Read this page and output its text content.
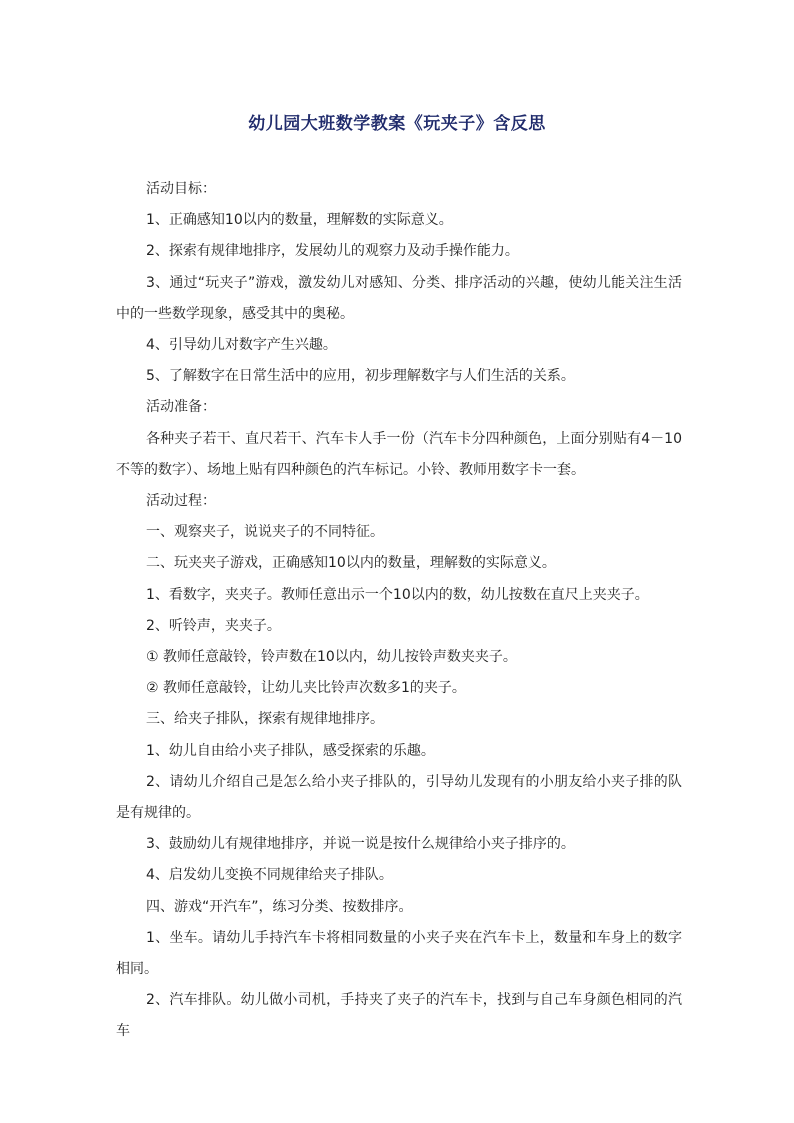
幼儿园大班数学教案《玩夹子》含反思

活动目标：

1、正确感知10以内的数量，理解数的实际意义。

2、探索有规律地排序，发展幼儿的观察力及动手操作能力。

3、通过“玩夹子”游戏，激发幼儿对感知、分类、排序活动的兴趣，使幼儿能关注生活中的一些数学现象，感受其中的奥秘。

4、引导幼儿对数字产生兴趣。

5、了解数字在日常生活中的应用，初步理解数字与人们生活的关系。

活动准备：

各种夹子若干、直尺若干、汽车卡人手一份（汽车卡分四种颜色，上面分别贴有4－10不等的数字）、场地上贴有四种颜色的汽车标记。小铃、教师用数字卡一套。

活动过程：

一、观察夹子，说说夹子的不同特征。

二、玩夹夹子游戏，正确感知10以内的数量，理解数的实际意义。

1、看数字，夹夹子。教师任意出示一个10以内的数，幼儿按数在直尺上夹夹子。

2、听铃声，夹夹子。

① 教师任意敲铃，铃声数在10以内，幼儿按铃声数夹夹子。

② 教师任意敲铃，让幼儿夹比铃声次数多1的夹子。

三、给夹子排队，探索有规律地排序。

1、幼儿自由给小夹子排队，感受探索的乐趣。

2、请幼儿介绍自己是怎么给小夹子排队的，引导幼儿发现有的小朋友给小夹子排的队是有规律的。

3、鼓励幼儿有规律地排序，并说一说是按什么规律给小夹子排序的。

4、启发幼儿变换不同规律给夹子排队。

四、游戏“开汽车”，练习分类、按数排序。

1、坐车。请幼儿手持汽车卡将相同数量的小夹子夹在汽车卡上，数量和车身上的数字相同。

2、汽车排队。幼儿做小司机，手持夹了夹子的汽车卡，找到与自己车身颜色相同的汽车
